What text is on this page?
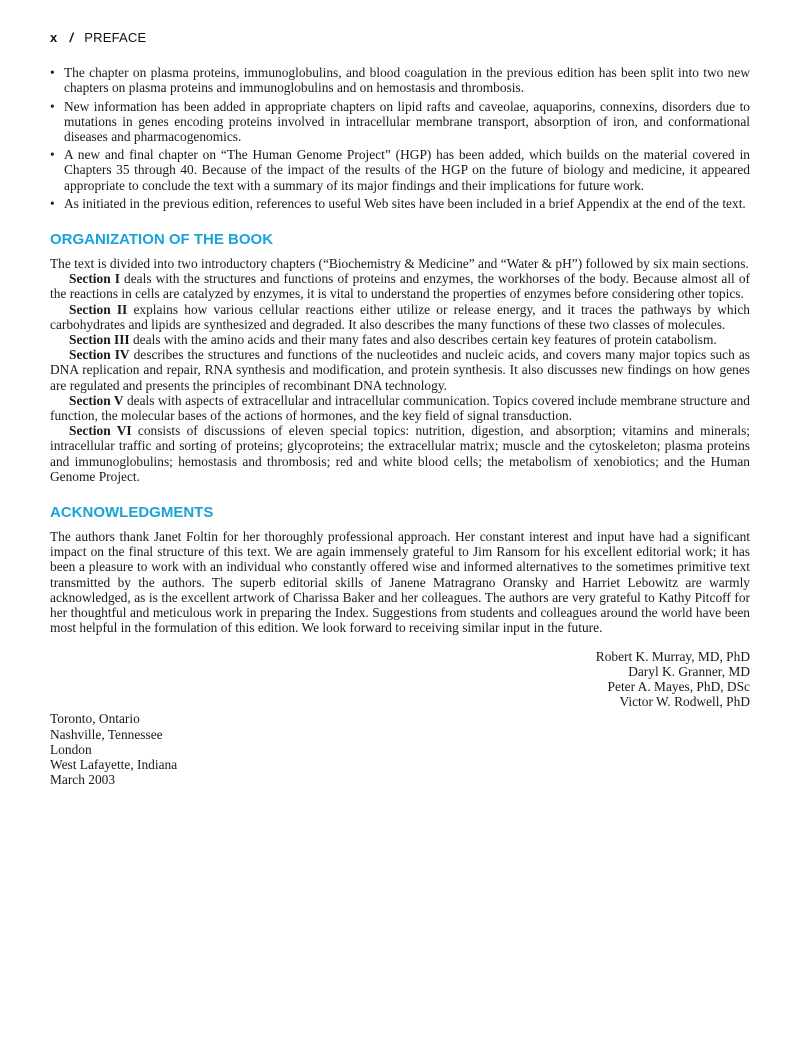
x / PREFACE
• The chapter on plasma proteins, immunoglobulins, and blood coagulation in the previous edition has been split into two new chapters on plasma proteins and immunoglobulins and on hemostasis and thrombosis.
• New information has been added in appropriate chapters on lipid rafts and caveolae, aquaporins, connexins, disorders due to mutations in genes encoding proteins involved in intracellular membrane transport, absorption of iron, and conformational diseases and pharmacogenomics.
• A new and final chapter on “The Human Genome Project” (HGP) has been added, which builds on the material covered in Chapters 35 through 40. Because of the impact of the results of the HGP on the future of biology and medicine, it appeared appropriate to conclude the text with a summary of its major findings and their implications for future work.
• As initiated in the previous edition, references to useful Web sites have been included in a brief Appendix at the end of the text.
ORGANIZATION OF THE BOOK

The text is divided into two introductory chapters (“Biochemistry & Medicine” and “Water & pH”) followed by six main sections.

Section I deals with the structures and functions of proteins and enzymes, the workhorses of the body. Because almost all of the reactions in cells are catalyzed by enzymes, it is vital to understand the properties of enzymes before considering other topics.

Section II explains how various cellular reactions either utilize or release energy, and it traces the pathways by which carbohydrates and lipids are synthesized and degraded. It also describes the many functions of these two classes of molecules.

Section III deals with the amino acids and their many fates and also describes certain key features of protein catabolism.

Section IV describes the structures and functions of the nucleotides and nucleic acids, and covers many major topics such as DNA replication and repair, RNA synthesis and modification, and protein synthesis. It also discusses new findings on how genes are regulated and presents the principles of recombinant DNA technology.

Section V deals with aspects of extracellular and intracellular communication. Topics covered include membrane structure and function, the molecular bases of the actions of hormones, and the key field of signal transduction.

Section VI consists of discussions of eleven special topics: nutrition, digestion, and absorption; vitamins and minerals; intracellular traffic and sorting of proteins; glycoproteins; the extracellular matrix; muscle and the cytoskeleton; plasma proteins and immunoglobulins; hemostasis and thrombosis; red and white blood cells; the metabolism of xenobiotics; and the Human Genome Project.

ACKNOWLEDGMENTS

The authors thank Janet Foltin for her thoroughly professional approach. Her constant interest and input have had a significant impact on the final structure of this text. We are again immensely grateful to Jim Ransom for his excellent editorial work; it has been a pleasure to work with an individual who constantly offered wise and informed alternatives to the sometimes primitive text transmitted by the authors. The superb editorial skills of Janene Matragrano Oransky and Harriet Lebowitz are warmly acknowledged, as is the excellent artwork of Charissa Baker and her colleagues. The authors are very grateful to Kathy Pitcoff for her thoughtful and meticulous work in preparing the Index. Suggestions from students and colleagues around the world have been most helpful in the formulation of this edition. We look forward to receiving similar input in the future.

Robert K. Murray, MD, PhD
Daryl K. Granner, MD
Peter A. Mayes, PhD, DSc
Victor W. Rodwell, PhD
Toronto, Ontario
Nashville, Tennessee
London
West Lafayette, Indiana
March 2003
